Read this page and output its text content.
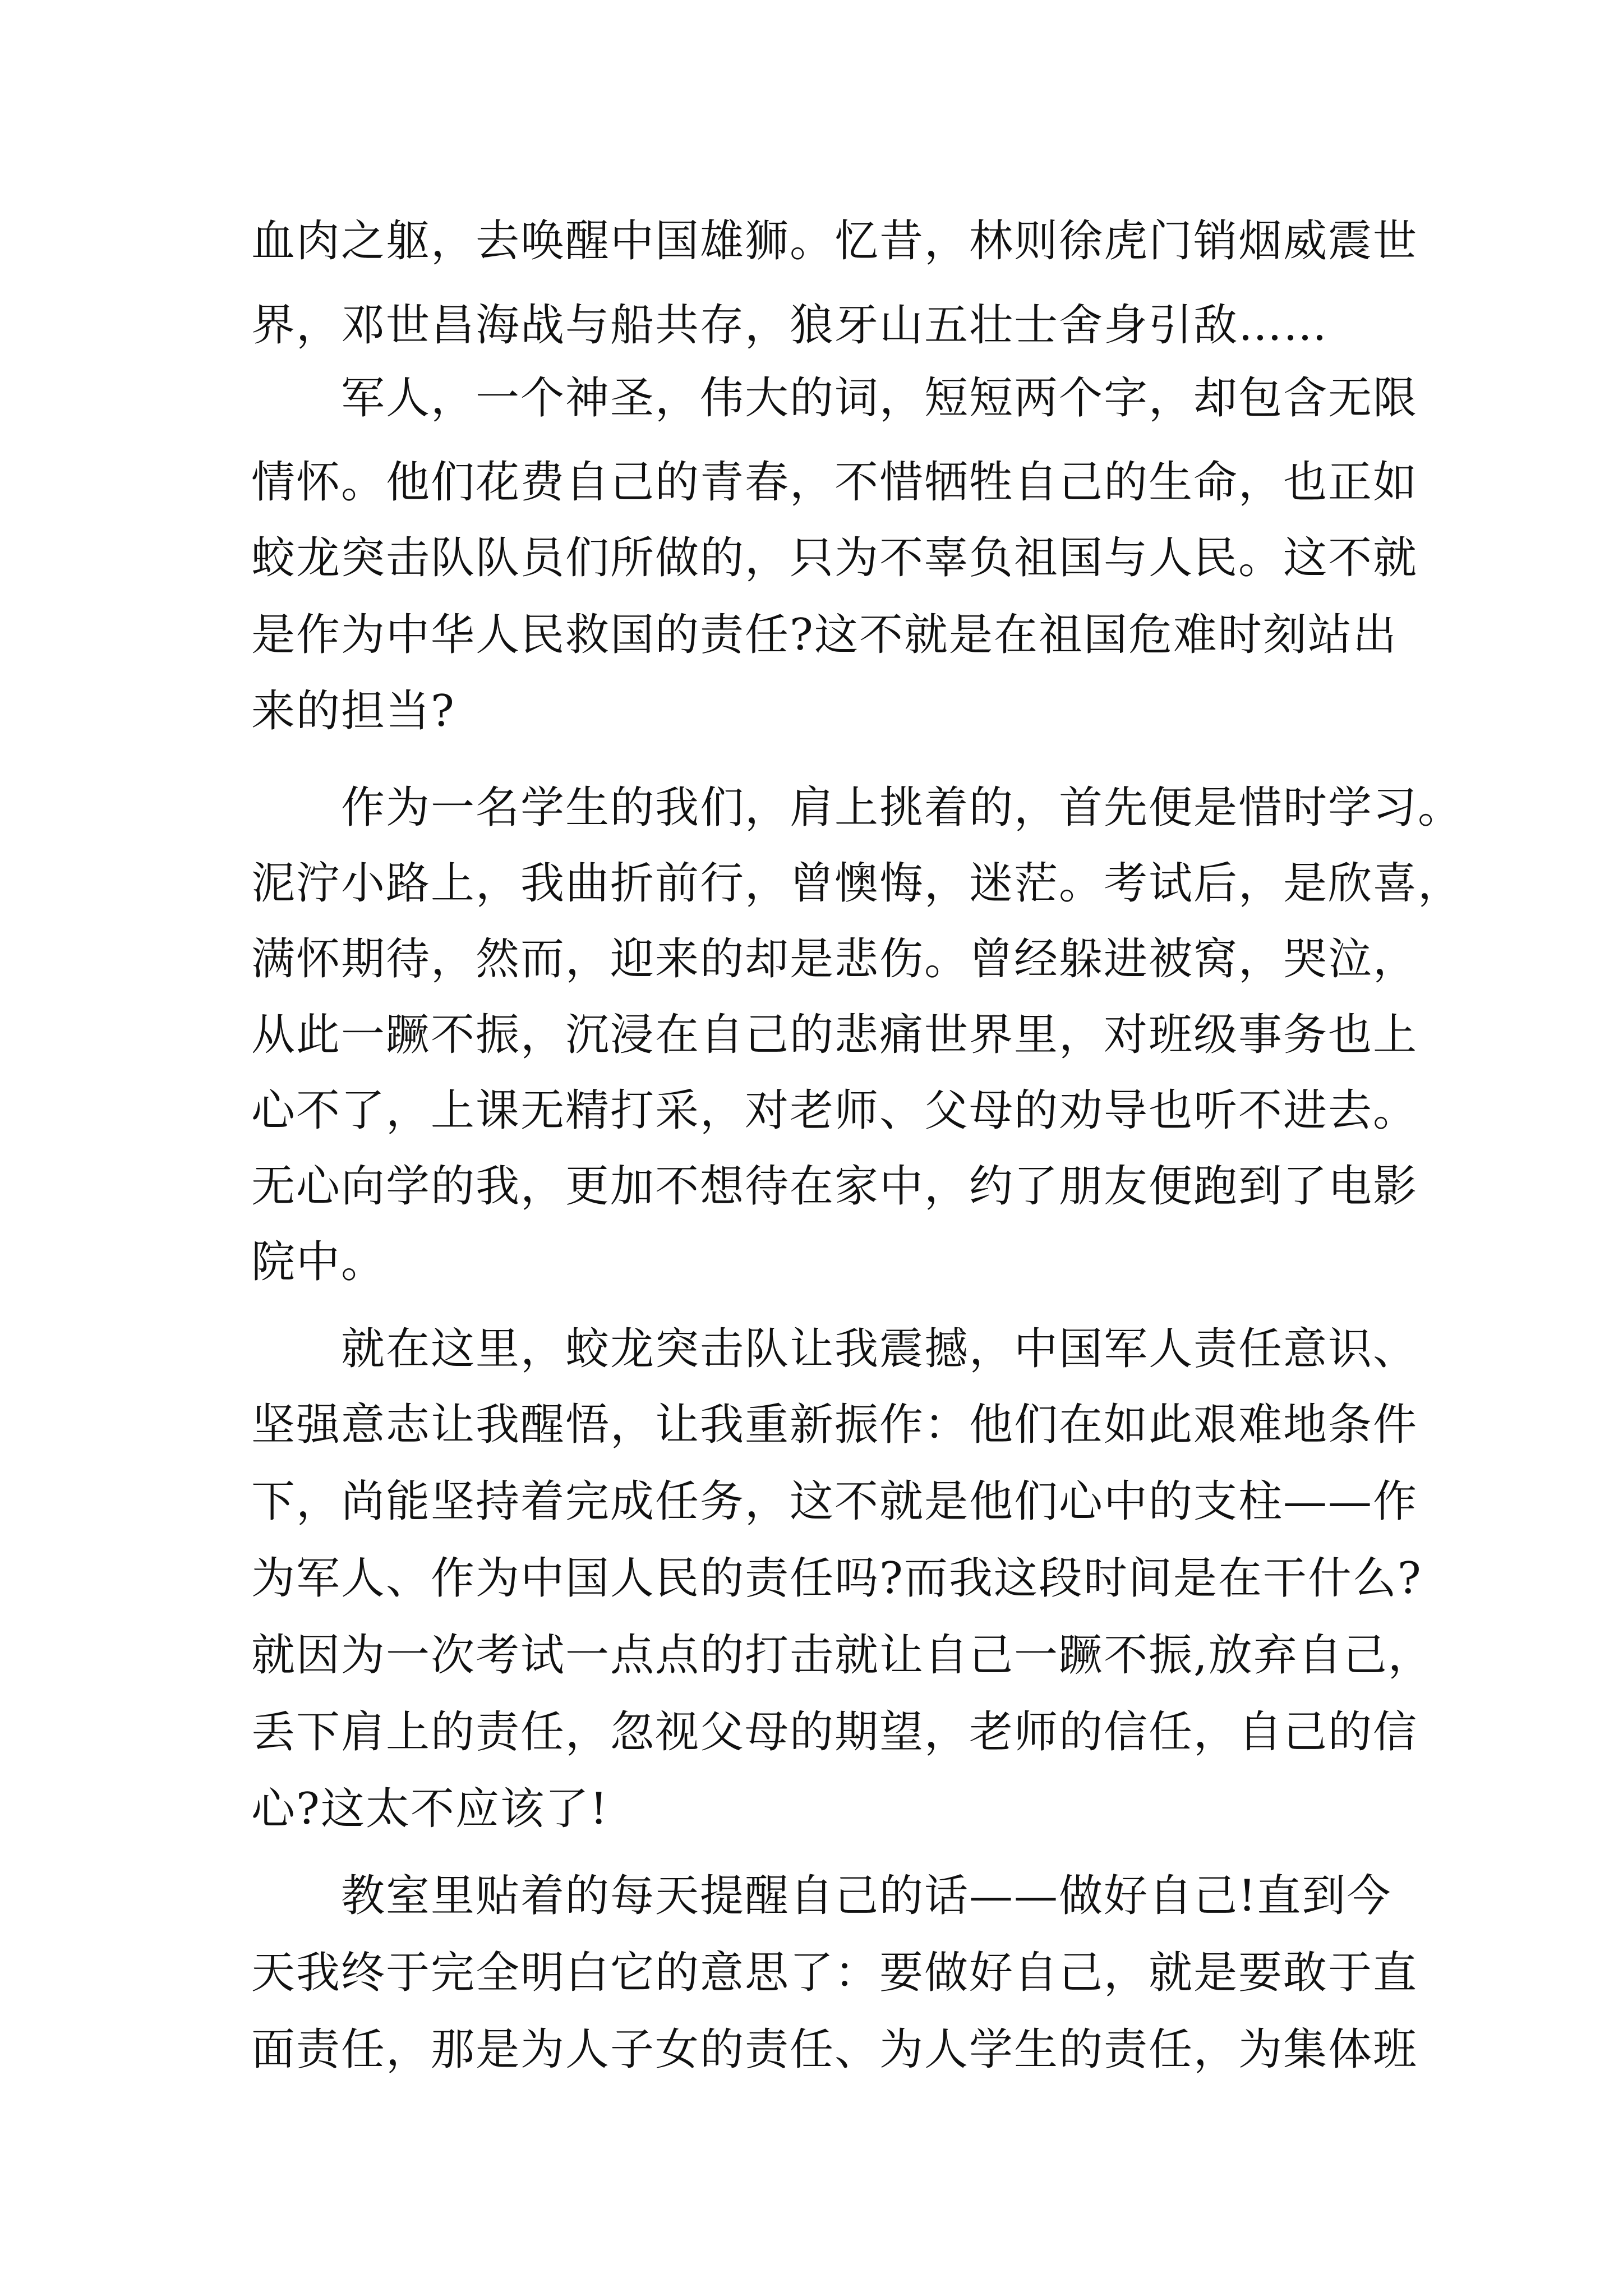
血肉之躯，去唤醒中国雄狮。忆昔，林则徐虎门销烟威震世
界，邓世昌海战与船共存，狼牙山五壮士舍身引敌……
军人，一个神圣，伟大的词，短短两个字，却包含无限
情怀。他们花费自己的青春，不惜牺牲自己的生命，也正如
蛟龙突击队队员们所做的，只为不辜负祖国与人民。这不就
是作为中华人民救国的责任?这不就是在祖国危难时刻站出
来的担当?
作为一名学生的我们，肩上挑着的，首先便是惜时学习。
泥泞小路上，我曲折前行，曾懊悔，迷茫。考试后，是欣喜，
满怀期待，然而，迎来的却是悲伤。曾经躲进被窝，哭泣，
从此一蹶不振，沉浸在自己的悲痛世界里，对班级事务也上
心不了，上课无精打采，对老师、父母的劝导也听不进去。
无心向学的我，更加不想待在家中，约了朋友便跑到了电影
院中。
就在这里，蛟龙突击队让我震撼，中国军人责任意识、
坚强意志让我醒悟，让我重新振作：他们在如此艰难地条件
下，尚能坚持着完成任务，这不就是他们心中的支柱——作
为军人、作为中国人民的责任吗?而我这段时间是在干什么?
就因为一次考试一点点的打击就让自己一蹶不振,放弃自己，
丢下肩上的责任，忽视父母的期望，老师的信任，自己的信
心?这太不应该了!
教室里贴着的每天提醒自己的话——做好自己!直到今
天我终于完全明白它的意思了：要做好自己，就是要敢于直
面责任，那是为人子女的责任、为人学生的责任，为集体班
